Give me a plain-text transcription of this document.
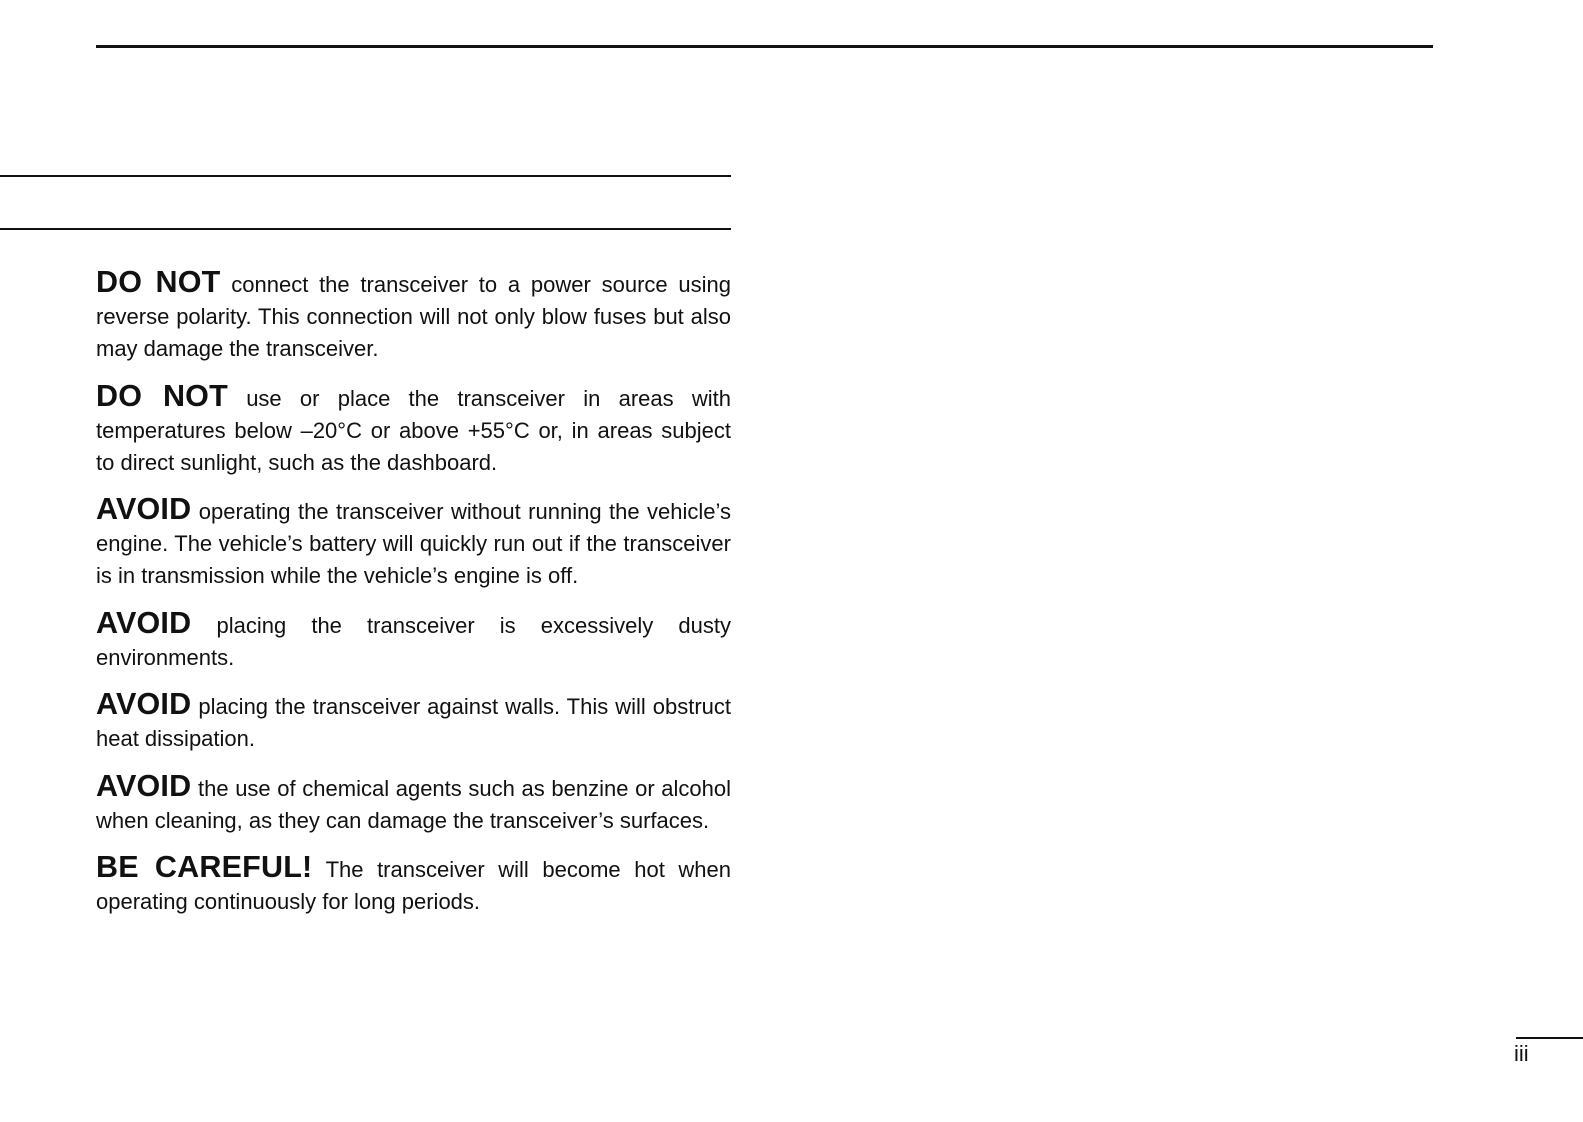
DO NOT connect the transceiver to a power source using reverse polarity. This connection will not only blow fuses but also may damage the transceiver.

DO NOT use or place the transceiver in areas with temperatures below –20°C or above +55°C or, in areas subject to direct sunlight, such as the dashboard.

AVOID operating the transceiver without running the vehicle’s engine. The vehicle’s battery will quickly run out if the transceiver is in transmission while the vehicle’s engine is off.

AVOID placing the transceiver is excessively dusty environments.

AVOID placing the transceiver against walls. This will obstruct heat dissipation.

AVOID the use of chemical agents such as benzine or alcohol when cleaning, as they can damage the transceiver’s surfaces.

BE CAREFUL! The transceiver will become hot when operating continuously for long periods.

iii
